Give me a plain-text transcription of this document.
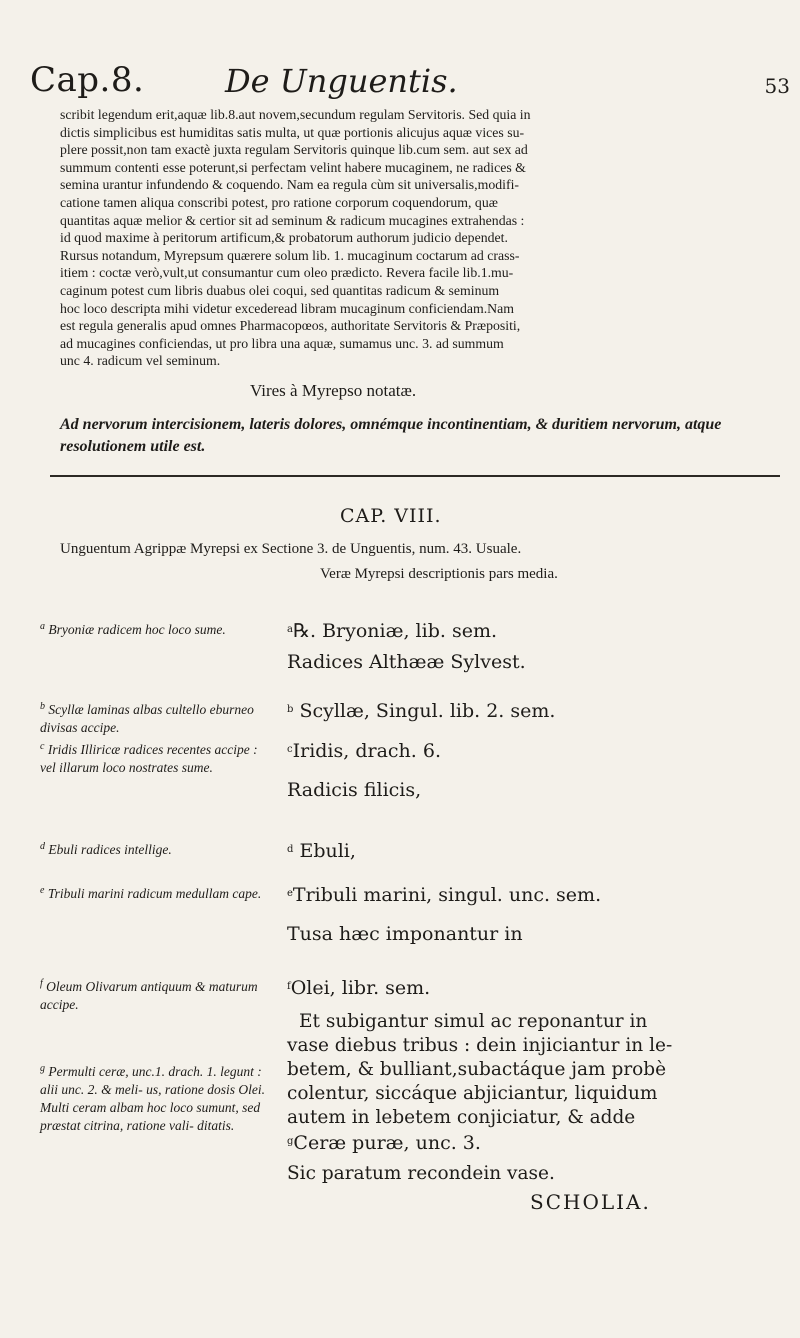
Cap.8.	De Unguentis.	53

scribit legendum erit,aquæ lib.8.aut novem,secundum regulam Servitoris. Sed quia in

dictis simplicibus est humiditas satis multa, ut quæ portionis alicujus aquæ vices su-

plere possit,non tam exactè juxta regulam Servitoris quinque lib.cum sem. aut sex ad

summum contenti esse poterunt,si perfectam velint habere mucaginem, ne radices &

semina urantur infundendo & coquendo. Nam ea regula cùm sit universalis,modifi-

catione tamen aliqua conscribi potest, pro ratione corporum coquendorum, quæ

quantitas aquæ melior & certior sit ad seminum & radicum mucagines extrahendas :

id quod maxime à peritorum artificum,& probatorum authorum judicio dependet.

Rursus notandum, Myrepsum quærere solum lib. 1. mucaginum coctarum ad crass-

itiem : coctæ verò,vult,ut consumantur cum oleo prædicto. Revera facile lib.1.mu-

caginum potest cum libris duabus olei coqui, sed quantitas radicum & seminum

hoc loco descripta mihi videtur excederead libram mucaginum conficiendam.Nam

est regula generalis apud omnes Pharmacopœos, authoritate Servitoris & Præpositi,

ad mucagines conficiendas, ut pro libra una aquæ, sumamus unc. 3. ad summum

unc 4. radicum vel seminum.

Vires à Myrepso notatæ.
Ad nervorum intercisionem, lateris dolores, omnémque incontinentiam, & duritiem nervorum, atque resolutionem utile est.
CAP. VIII.
Unguentum Agrippæ Myrepsi ex Sectione 3. de Unguentis, num. 43. Usuale.
Veræ Myrepsi descriptionis pars media.
$^a$ Bryoniæ radicem hoc loco sume.
$^b$ Scyllæ laminas albas cultello eburneo divisas accipe.
$^c$ Iridis Illiricæ radices recentes accipe : vel illarum loco nostrates sume.
$^d$ Ebuli radices intellige.
$^e$ Tribuli marini radicum medullam cape.
$^f$ Oleum Olivarum antiquum & maturum accipe.
$^g$ Permulti ceræ, unc.1. drach. 1. legunt : alii unc. 2. & meli- us, ratione dosis Olei. Multi ceram albam hoc loco sumunt, sed præstat citrina, ratione vali- ditatis.
$^a$℞. Bryoniæ, lib. sem.
Radices Althææ Sylvest.
$^b$ Scyllæ, Singul. lib. 2. sem.
$^c$Iridis, drach. 6.
Radicis filicis,
$^d$ Ebuli,
$^e$Tribuli marini, singul. unc. sem.
Tusa hæc imponantur in
$^f$Olei, libr. sem.
Et subigantur simul ac reponantur in
vase diebus tribus : dein injiciantur in le-
betem, & bulliant,subactáque jam probè
colentur, siccáque abjiciantur, liquidum
autem in lebetem conjiciatur, & adde
$^g$Ceræ puræ, unc. 3.
Sic paratum recondein vase.
SCHOLIA.
